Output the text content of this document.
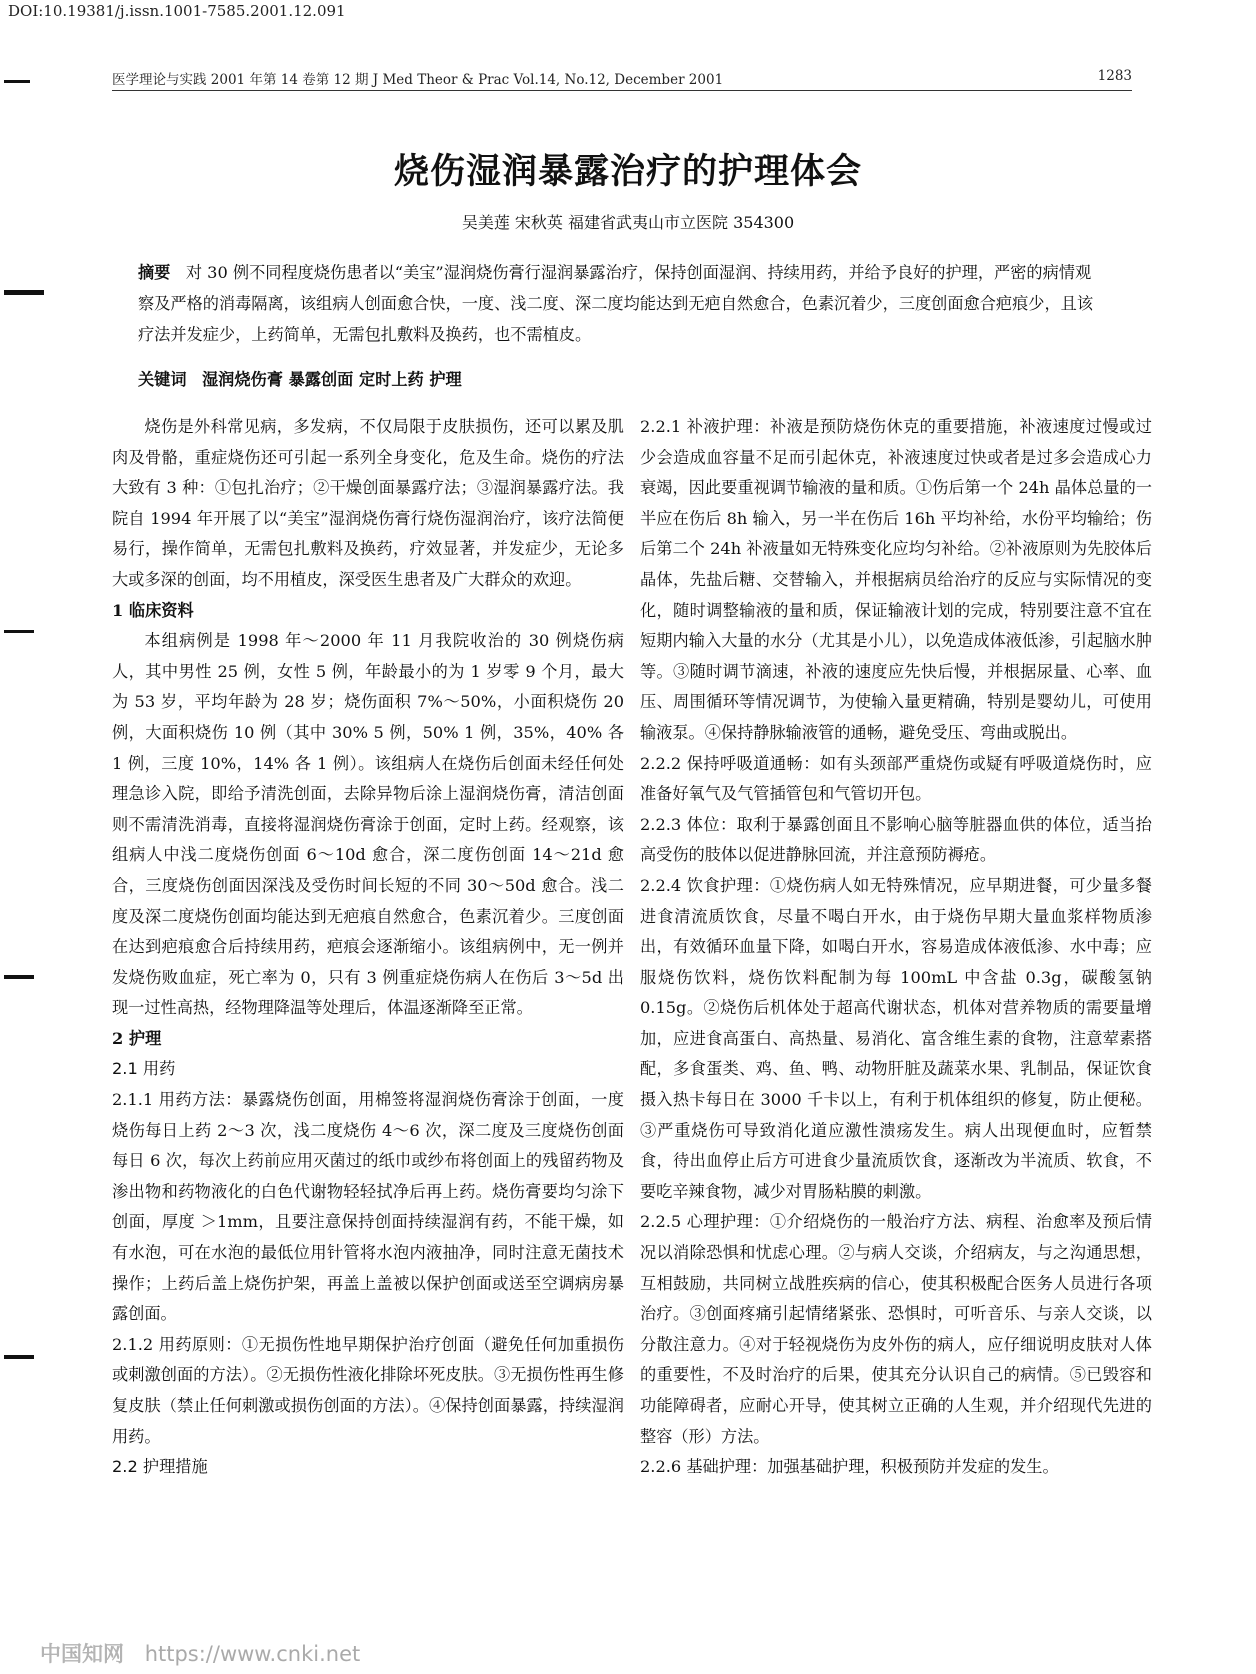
DOI:10.19381/j.issn.1001-7585.2001.12.091
医学理论与实践 2001 年第 14 卷第 12 期 J Med Theor & Prac Vol.14, No.12, December 2001	1283
烧伤湿润暴露治疗的护理体会
吴美莲 宋秋英 福建省武夷山市立医院 354300
摘要 对 30 例不同程度烧伤患者以“美宝”湿润烧伤膏行湿润暴露治疗，保持创面湿润、持续用药，并给予良好的护理，严密的病情观察及严格的消毒隔离，该组病人创面愈合快，一度、浅二度、深二度均能达到无疤自然愈合，色素沉着少，三度创面愈合疤痕少，且该疗法并发症少，上药简单，无需包扎敷料及换药，也不需植皮。
关键词 湿润烧伤膏 暴露创面 定时上药 护理

烧伤是外科常见病，多发病，不仅局限于皮肤损伤，还可以累及肌肉及骨骼，重症烧伤还可引起一系列全身变化，危及生命。烧伤的疗法大致有 3 种：①包扎治疗；②干燥创面暴露疗法；③湿润暴露疗法。我院自 1994 年开展了以“美宝”湿润烧伤膏行烧伤湿润治疗，该疗法简便易行，操作简单，无需包扎敷料及换药，疗效显著，并发症少，无论多大或多深的创面，均不用植皮，深受医生患者及广大群众的欢迎。

1 临床资料

本组病例是 1998 年～2000 年 11 月我院收治的 30 例烧伤病人，其中男性 25 例，女性 5 例，年龄最小的为 1 岁零 9 个月，最大为 53 岁，平均年龄为 28 岁；烧伤面积 7%～50%，小面积烧伤 20 例，大面积烧伤 10 例（其中 30% 5 例，50% 1 例，35%，40% 各 1 例，三度 10%，14% 各 1 例）。该组病人在烧伤后创面未经任何处理急诊入院，即给予清洗创面，去除异物后涂上湿润烧伤膏，清洁创面则不需清洗消毒，直接将湿润烧伤膏涂于创面，定时上药。经观察，该组病人中浅二度烧伤创面 6～10d 愈合，深二度伤创面 14～21d 愈合，三度烧伤创面因深浅及受伤时间长短的不同 30～50d 愈合。浅二度及深二度烧伤创面均能达到无疤痕自然愈合，色素沉着少。三度创面在达到疤痕愈合后持续用药，疤痕会逐渐缩小。该组病例中，无一例并发烧伤败血症，死亡率为 0，只有 3 例重症烧伤病人在伤后 3～5d 出现一过性高热，经物理降温等处理后，体温逐渐降至正常。

2 护理

2.1 用药

2.1.1 用药方法：暴露烧伤创面，用棉签将湿润烧伤膏涂于创面，一度烧伤每日上药 2～3 次，浅二度烧伤 4～6 次，深二度及三度烧伤创面每日 6 次，每次上药前应用灭菌过的纸巾或纱布将创面上的残留药物及渗出物和药物液化的白色代谢物轻轻拭净后再上药。烧伤膏要均匀涂下创面，厚度 ＞1mm，且要注意保持创面持续湿润有药，不能干燥，如有水泡，可在水泡的最低位用针管将水泡内液抽净，同时注意无菌技术操作；上药后盖上烧伤护架，再盖上盖被以保护创面或送至空调病房暴露创面。

2.1.2 用药原则：①无损伤性地早期保护治疗创面（避免任何加重损伤或刺激创面的方法）。②无损伤性液化排除坏死皮肤。③无损伤性再生修复皮肤（禁止任何刺激或损伤创面的方法）。④保持创面暴露，持续湿润用药。

2.2 护理措施

2.2.1 补液护理：补液是预防烧伤休克的重要措施，补液速度过慢或过少会造成血容量不足而引起休克，补液速度过快或者是过多会造成心力衰竭，因此要重视调节输液的量和质。①伤后第一个 24h 晶体总量的一半应在伤后 8h 输入，另一半在伤后 16h 平均补给，水份平均输给；伤后第二个 24h 补液量如无特殊变化应均匀补给。②补液原则为先胶体后晶体，先盐后糖、交替输入，并根据病员给治疗的反应与实际情况的变化，随时调整输液的量和质，保证输液计划的完成，特别要注意不宜在短期内输入大量的水分（尤其是小儿），以免造成体液低渗，引起脑水肿等。③随时调节滴速，补液的速度应先快后慢，并根据尿量、心率、血压、周围循环等情况调节，为使输入量更精确，特别是婴幼儿，可使用输液泵。④保持静脉输液管的通畅，避免受压、弯曲或脱出。

2.2.2 保持呼吸道通畅：如有头颈部严重烧伤或疑有呼吸道烧伤时，应准备好氧气及气管插管包和气管切开包。

2.2.3 体位：取利于暴露创面且不影响心脑等脏器血供的体位，适当抬高受伤的肢体以促进静脉回流，并注意预防褥疮。

2.2.4 饮食护理：①烧伤病人如无特殊情况，应早期进餐，可少量多餐进食清流质饮食，尽量不喝白开水，由于烧伤早期大量血浆样物质渗出，有效循环血量下降，如喝白开水，容易造成体液低渗、水中毒；应服烧伤饮料，烧伤饮料配制为每 100mL 中含盐 0.3g，碳酸氢钠 0.15g。②烧伤后机体处于超高代谢状态，机体对营养物质的需要量增加，应进食高蛋白、高热量、易消化、富含维生素的食物，注意荤素搭配，多食蛋类、鸡、鱼、鸭、动物肝脏及蔬菜水果、乳制品，保证饮食摄入热卡每日在 3000 千卡以上，有利于机体组织的修复，防止便秘。③严重烧伤可导致消化道应激性溃疡发生。病人出现便血时，应暂禁食，待出血停止后方可进食少量流质饮食，逐渐改为半流质、软食，不要吃辛辣食物，减少对胃肠粘膜的刺激。

2.2.5 心理护理：①介绍烧伤的一般治疗方法、病程、治愈率及预后情况以消除恐惧和忧虑心理。②与病人交谈，介绍病友，与之沟通思想，互相鼓励，共同树立战胜疾病的信心，使其积极配合医务人员进行各项治疗。③创面疼痛引起情绪紧张、恐惧时，可听音乐、与亲人交谈，以分散注意力。④对于轻视烧伤为皮外伤的病人，应仔细说明皮肤对人体的重要性，不及时治疗的后果，使其充分认识自己的病情。⑤已毁容和功能障碍者，应耐心开导，使其树立正确的人生观，并介绍现代先进的整容（形）方法。

2.2.6 基础护理：加强基础护理，积极预防并发症的发生。

中国知网 https://www.cnki.net
